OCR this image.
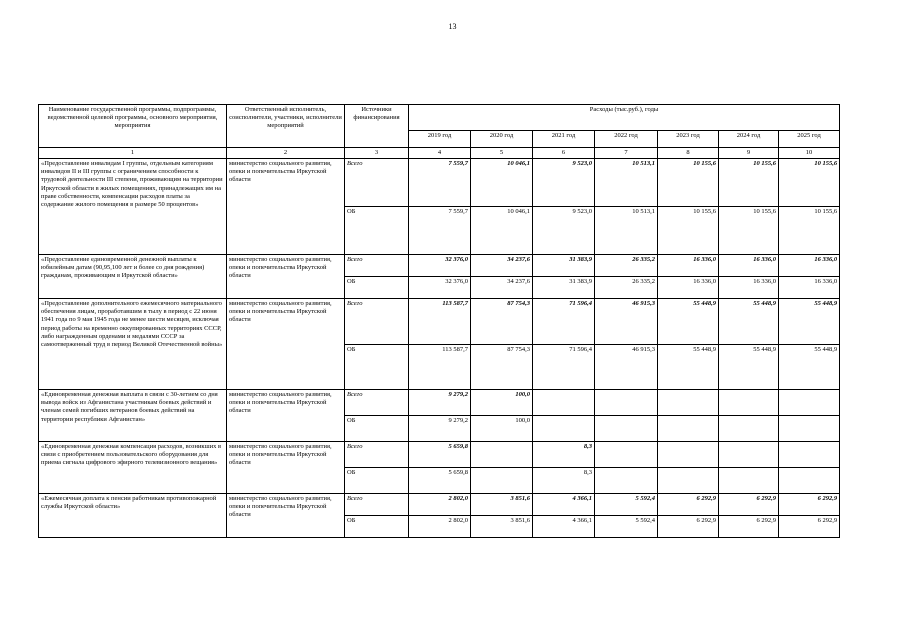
13
Наименование государственной программы, подпрограммы, ведомственной целевой программы, основного мероприятия, мероприятия	Ответственный исполнитель, соисполнители, участники, исполнители мероприятий	Источники финансирования	Расходы (тыс.руб.), годы						
			2019 год	2020 год	2021 год	2022 год	2023 год	2024 год	2025 год
1	2	3	4	5	6	7	8	9	10
«Предоставление инвалидам I группы, отдельным категориям инвалидов II и III группы с ограничением способности к трудовой деятельности III степени, проживающим на территории Иркутской области в жилых помещениях, принадлежащих им на праве собственности, компенсации расходов платы за содержание жилого помещения в размере 50 процентов»	министерство социального развития, опеки и попечительства Иркутской области	Всего	7 559,7	10 046,1	9 523,0	10 513,1	10 155,6	10 155,6	10 155,6
		ОБ	7 559,7	10 046,1	9 523,0	10 513,1	10 155,6	10 155,6	10 155,6
«Предоставление единовременной денежной выплаты к юбилейным датам (90,95,100 лет и более со дня рождения) гражданам, проживающим в Иркутской области»	министерство социального развития, опеки и попечительства Иркутской области	Всего	32 376,0	34 237,6	31 383,9	26 335,2	16 336,0	16 336,0	16 336,0
		ОБ	32 376,0	34 237,6	31 383,9	26 335,2	16 336,0	16 336,0	16 336,0
«Предоставление дополнительного ежемесячного материального обеспечения лицам, проработавшим в тылу в период с 22 июня 1941 года по 9 мая 1945 года не менее шести месяцев, исключая период работы на временно оккупированных территориях СССР, либо награжденным орденами и медалями СССР за самоотверженный труд в период Великой Отечественной войны»	министерство социального развития, опеки и попечительства Иркутской области	Всего	113 587,7	87 754,3	71 596,4	46 915,3	55 448,9	55 448,9	55 448,9
		ОБ	113 587,7	87 754,3	71 596,4	46 915,3	55 448,9	55 448,9	55 448,9
«Единовременная денежная выплата в связи с 30-летием со дня вывода войск из Афганистана участникам боевых действий и членам семей погибших ветеранов боевых действий на территории республики Афганистан»	министерство социального развития, опеки и попечительства Иркутской области	Всего	9 279,2	100,0					
		ОБ	9 279,2	100,0					
«Единовременная денежная компенсация расходов, возникших в связи с приобретением пользовательского оборудования для приема сигнала цифрового эфирного телевизионного вещания»	министерство социального развития, опеки и попечительства Иркутской области	Всего	5 659,8		8,3				
		ОБ	5 659,8		8,3				
«Ежемесячная доплата к пенсии работникам противопожарной службы Иркутской области»	министерство социального развития, опеки и попечительства Иркутской области	Всего	2 802,0	3 851,6	4 366,1	5 592,4	6 292,9	6 292,9	6 292,9
		ОБ	2 802,0	3 851,6	4 366,1	5 592,4	6 292,9	6 292,9	6 292,9
